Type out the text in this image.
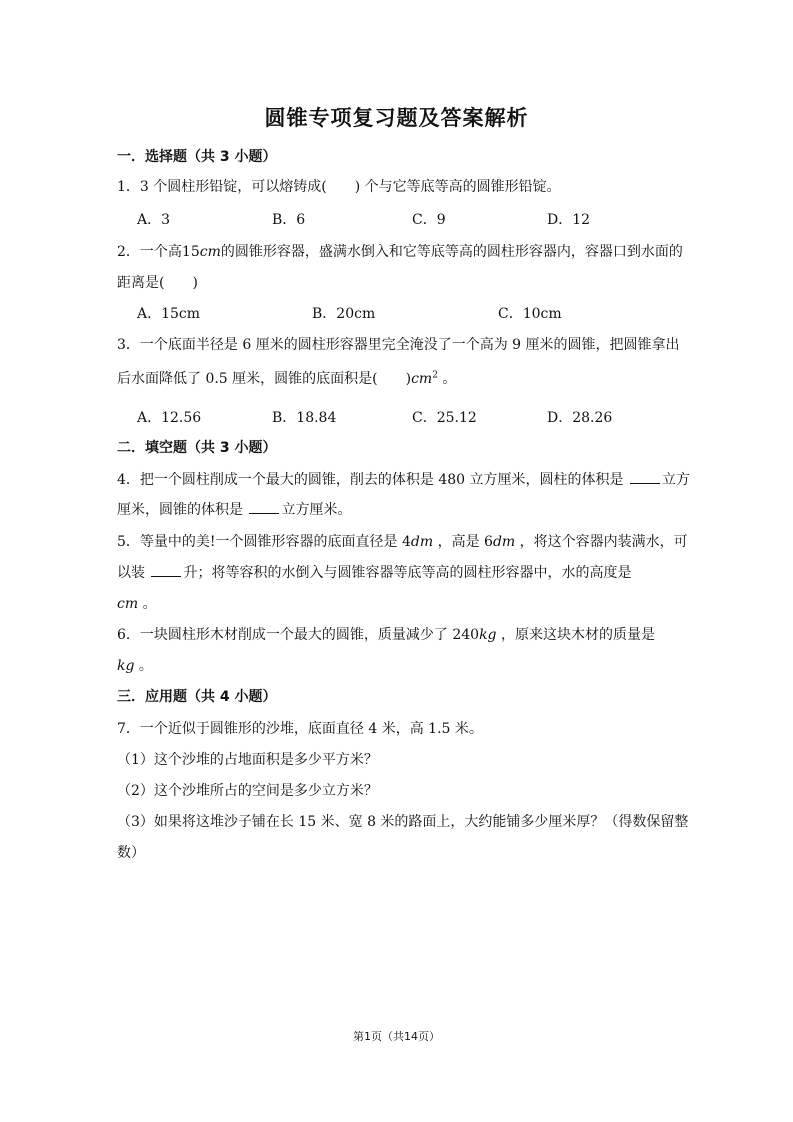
圆锥专项复习题及答案解析
一．选择题（共 3 小题）
1．3 个圆柱形铅锭，可以熔铸成(　　) 个与它等底等高的圆锥形铅锭。
A．3	B．6	C．9	D．12
2．一个高15cm的圆锥形容器，盛满水倒入和它等底等高的圆柱形容器内，容器口到水面的
距离是(　　)
A．15cm	B．20cm	C．10cm
3．一个底面半径是 6 厘米的圆柱形容器里完全淹没了一个高为 9 厘米的圆锥，把圆锥拿出
后水面降低了 0.5 厘米，圆锥的底面积是(　　)$cm^2$ 。
A．12.56	B．18.84	C．25.12	D．28.26
二．填空题（共 3 小题）
4．把一个圆柱削成一个最大的圆锥，削去的体积是 480 立方厘米，圆柱的体积是 立方
厘米，圆锥的体积是 立方厘米。
5．等量中的美!一个圆锥形容器的底面直径是 4dm ，高是 6dm ，将这个容器内装满水，可
以装 升；将等容积的水倒入与圆锥容器等底等高的圆柱形容器中，水的高度是
cm 。
6．一块圆柱形木材削成一个最大的圆锥，质量减少了 240kg ，原来这块木材的质量是
kg 。
三．应用题（共 4 小题）
7．一个近似于圆锥形的沙堆，底面直径 4 米，高 1.5 米。
（1）这个沙堆的占地面积是多少平方米？
（2）这个沙堆所占的空间是多少立方米？
（3）如果将这堆沙子铺在长 15 米、宽 8 米的路面上，大约能铺多少厘米厚？（得数保留整
数）
第1页（共14页）
